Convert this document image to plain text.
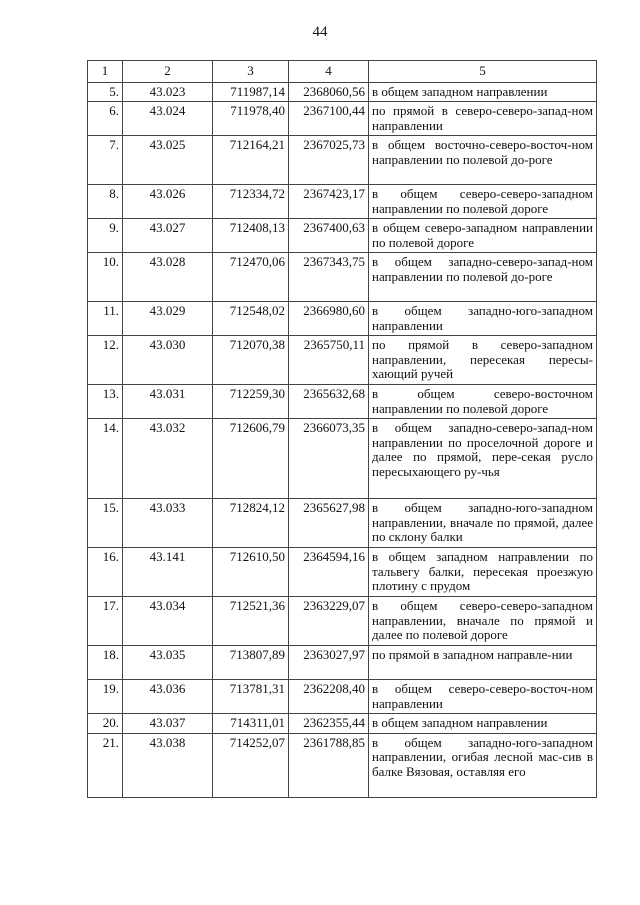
44
1	2	3	4	5
5.	43.023	711987,14	2368060,56	в общем западном направлении
6.	43.024	711978,40	2367100,44	по прямой в северо-северо-запад-ном направлении
7.	43.025	712164,21	2367025,73	в общем восточно-северо-восточ-ном направлении по полевой до-роге
8.	43.026	712334,72	2367423,17	в общем северо-северо-западном направлении по полевой дороге
9.	43.027	712408,13	2367400,63	в общем северо-западном направлении по полевой дороге
10.	43.028	712470,06	2367343,75	в общем западно-северо-запад-ном направлении по полевой до-роге
11.	43.029	712548,02	2366980,60	в общем западно-юго-западном направлении
12.	43.030	712070,38	2365750,11	по прямой в северо-западном направлении, пересекая пересы-хающий ручей
13.	43.031	712259,30	2365632,68	в общем северо-восточном направлении по полевой дороге
14.	43.032	712606,79	2366073,35	в общем западно-северо-запад-ном направлении по проселочной дороге и далее по прямой, пере-секая русло пересыхающего ру-чья
15.	43.033	712824,12	2365627,98	в общем западно-юго-западном направлении, вначале по прямой, далее по склону балки
16.	43.141	712610,50	2364594,16	в общем западном направлении по тальвегу балки, пересекая проезжую плотину с прудом
17.	43.034	712521,36	2363229,07	в общем северо-северо-западном направлении, вначале по прямой и далее по полевой дороге
18.	43.035	713807,89	2363027,97	по прямой в западном направле-нии
19.	43.036	713781,31	2362208,40	в общем северо-северо-восточ-ном направлении
20.	43.037	714311,01	2362355,44	в общем западном направлении
21.	43.038	714252,07	2361788,85	в общем западно-юго-западном направлении, огибая лесной мас-сив в балке Вязовая, оставляя его
